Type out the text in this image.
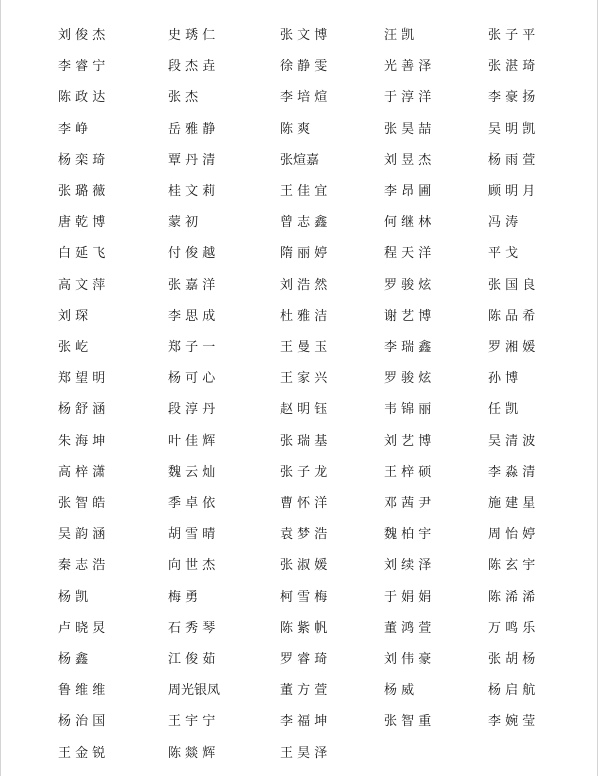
刘 俊 杰	史 琇 仁	张 文 博	汪 凯	张 子 平
李 睿 宁	段 杰 垚	徐 静 雯	光 善 泽	张 湛 琦
陈 政 达	张 杰	李 培 煊	于 淳 洋	李 豪 扬
李 峥	岳 雅 静	陈 爽	张 昊 喆	吴 明 凯
杨 栾 琦	覃 丹 清	张煊嘉	刘 昱 杰	杨 雨 萱
张 璐 薇	桂 文 莉	王 佳 宜	李 昂 圃	顾 明 月
唐 乾 博	蒙 初	曾 志 鑫	何 继 林	冯 涛
白 延 飞	付 俊 越	隋 丽 婷	程 天 洋	平 戈
高 文 萍	张 嘉 洋	刘 浩 然	罗 骏 炫	张 国 良
刘 琛	李 思 成	杜 雅 洁	谢 艺 博	陈 品 希
张 屹	郑 子 一	王 曼 玉	李 瑞 鑫	罗 湘 媛
郑 望 明	杨 可 心	王 家 兴	罗 骏 炫	孙 博
杨 舒 涵	段 淳 丹	赵 明 钰	韦 锦 丽	任 凯
朱 海 坤	叶 佳 辉	张 瑞 基	刘 艺 博	吴 清 波
高 梓 潇	魏 云 灿	张 子 龙	王 梓 硕	李 淼 清
张 智 皓	季 卓 依	曹 怀 洋	邓 茜 尹	施 建 星
吴 韵 涵	胡 雪 晴	袁 梦 浩	魏 柏 宇	周 怡 婷
秦 志 浩	向 世 杰	张 淑 媛	刘 续 泽	陈 玄 宇
杨 凯	梅 勇	柯 雪 梅	于 娟 娟	陈 浠 浠
卢 晓 炅	石 秀 琴	陈 紫 帆	董 鸿 萱	万 鸣 乐
杨 鑫	江 俊 茹	罗 睿 琦	刘 伟 豪	张 胡 杨
鲁 维 维	周光银凤	董 方 萱	杨 威	杨 启 航
杨 治 国	王 宇 宁	李 福 坤	张 智 重	李 婉 莹
王 金 锐	陈 燚 辉	王 昊 泽
